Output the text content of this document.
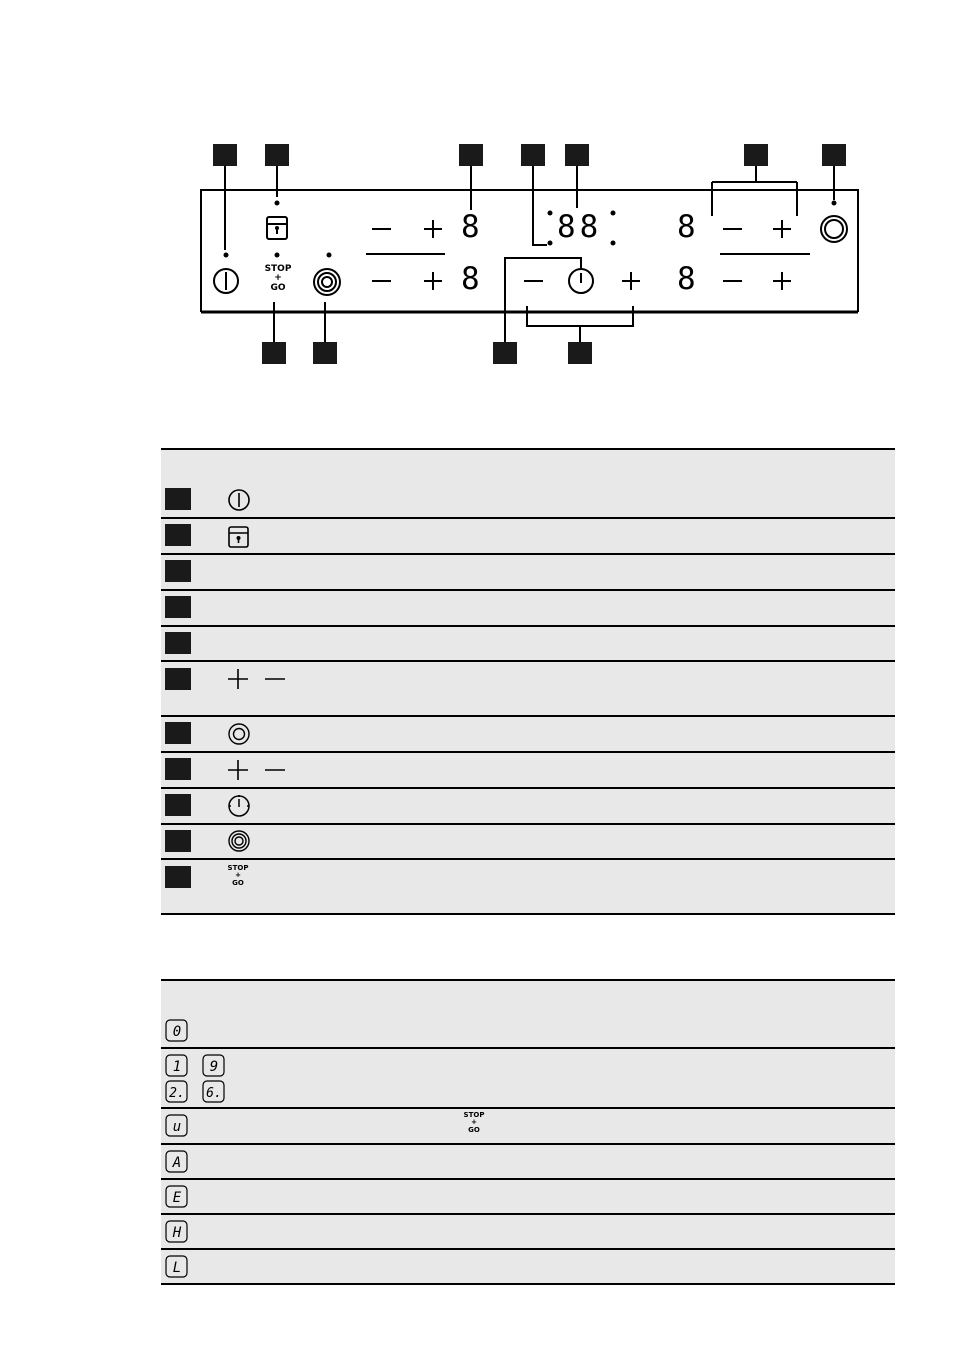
STOP
+
GO
8
8
88 8
8
STOP
+
GO
0
1 9
2. 6.
u
STOP
+
GO
A
E
H
L
